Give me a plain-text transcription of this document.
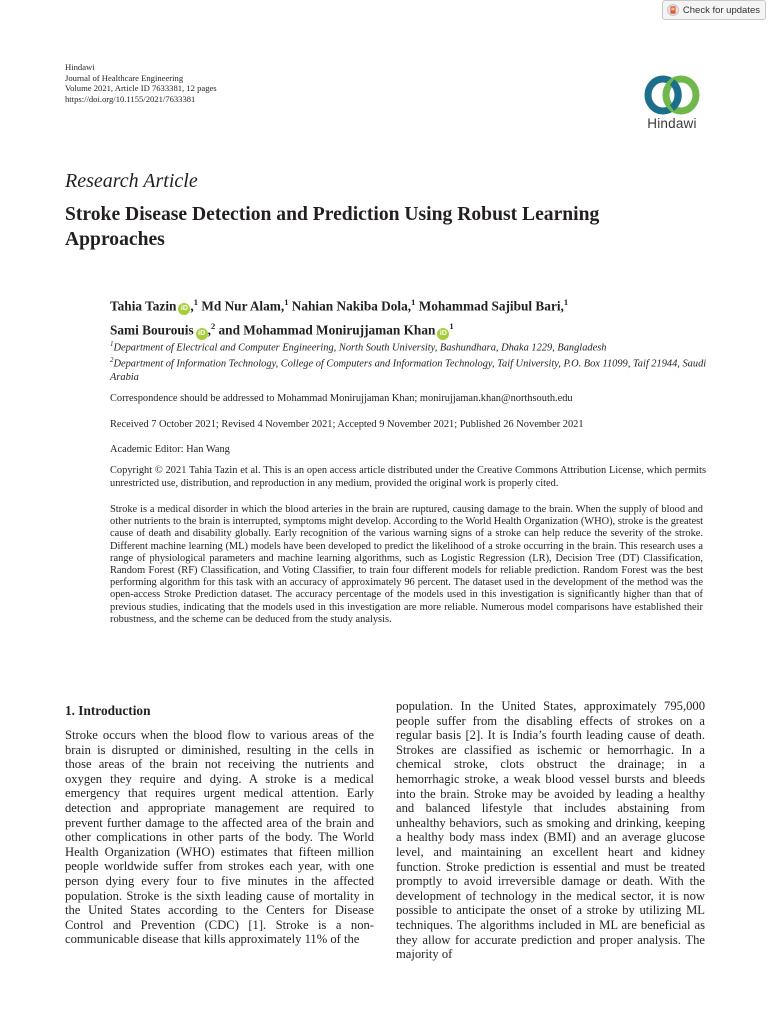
Check for updates
Hindawi
Journal of Healthcare Engineering
Volume 2021, Article ID 7633381, 12 pages
https://doi.org/10.1155/2021/7633381
Hindawi
Research Article
Stroke Disease Detection and Prediction Using Robust Learning Approaches
Tahia Tazin iD ,$^1$ Md Nur Alam,$^1$ Nahian Nakiba Dola,$^1$ Mohammad Sajibul Bari,$^1$
Sami Bourouis iD ,$^2$ and Mohammad Monirujjaman Khan $iD^1$
$^1$Department of Electrical and Computer Engineering, North South University, Bashundhara, Dhaka 1229, Bangladesh
$^2$Department of Information Technology, College of Computers and Information Technology, Taif University, P.O. Box 11099, Taif 21944, Saudi Arabia
Correspondence should be addressed to Mohammad Monirujjaman Khan; monirujjaman.khan@northsouth.edu
Received 7 October 2021; Revised 4 November 2021; Accepted 9 November 2021; Published 26 November 2021
Academic Editor: Han Wang
Copyright © 2021 Tahia Tazin et al. This is an open access article distributed under the Creative Commons Attribution License, which permits unrestricted use, distribution, and reproduction in any medium, provided the original work is properly cited.
Stroke is a medical disorder in which the blood arteries in the brain are ruptured, causing damage to the brain. When the supply of blood and other nutrients to the brain is interrupted, symptoms might develop. According to the World Health Organization (WHO), stroke is the greatest cause of death and disability globally. Early recognition of the various warning signs of a stroke can help reduce the severity of the stroke. Different machine learning (ML) models have been developed to predict the likelihood of a stroke occurring in the brain. This research uses a range of physiological parameters and machine learning algorithms, such as Logistic Regression (LR), Decision Tree (DT) Classification, Random Forest (RF) Classification, and Voting Classifier, to train four different models for reliable prediction. Random Forest was the best performing algorithm for this task with an accuracy of approximately 96 percent. The dataset used in the development of the method was the open-access Stroke Prediction dataset. The accuracy percentage of the models used in this investigation is significantly higher than that of previous studies, indicating that the models used in this investigation are more reliable. Numerous model comparisons have established their robustness, and the scheme can be deduced from the study analysis.
1. Introduction
Stroke occurs when the blood flow to various areas of the brain is disrupted or diminished, resulting in the cells in those areas of the brain not receiving the nutrients and oxygen they require and dying. A stroke is a medical emergency that requires urgent medical attention. Early detection and appropriate management are required to prevent further damage to the affected area of the brain and other complications in other parts of the body. The World Health Organization (WHO) estimates that fifteen million people worldwide suffer from strokes each year, with one person dying every four to five minutes in the affected population. Stroke is the sixth leading cause of mortality in the United States according to the Centers for Disease Control and Prevention (CDC) [1]. Stroke is a non-communicable disease that kills approximately 11% of the
population. In the United States, approximately 795,000 people suffer from the disabling effects of strokes on a regular basis [2]. It is India’s fourth leading cause of death. Strokes are classified as ischemic or hemorrhagic. In a chemical stroke, clots obstruct the drainage; in a hemorrhagic stroke, a weak blood vessel bursts and bleeds into the brain. Stroke may be avoided by leading a healthy and balanced lifestyle that includes abstaining from unhealthy behaviors, such as smoking and drinking, keeping a healthy body mass index (BMI) and an average glucose level, and maintaining an excellent heart and kidney function. Stroke prediction is essential and must be treated promptly to avoid irreversible damage or death. With the development of technology in the medical sector, it is now possible to anticipate the onset of a stroke by utilizing ML techniques. The algorithms included in ML are beneficial as they allow for accurate prediction and proper analysis. The majority of
